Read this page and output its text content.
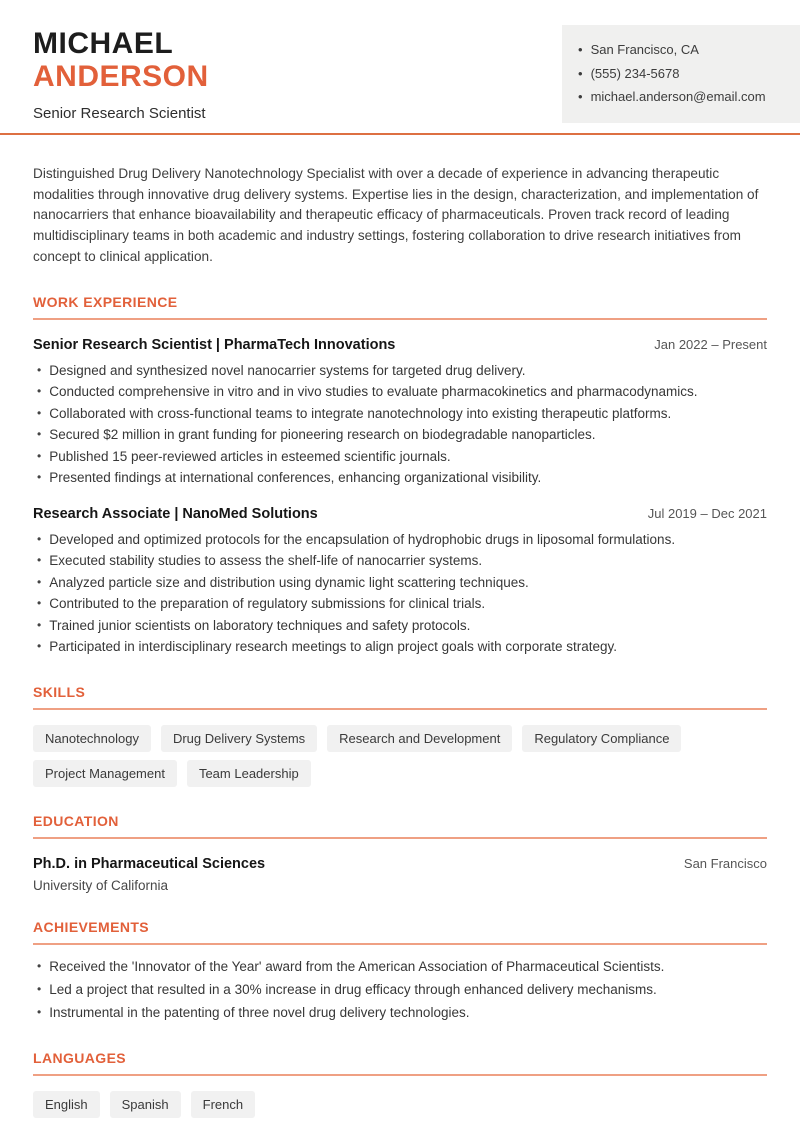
MICHAEL
ANDERSON
Senior Research Scientist
• San Francisco, CA
• (555) 234-5678
• michael.anderson@email.com

Distinguished Drug Delivery Nanotechnology Specialist with over a decade of experience in advancing therapeutic modalities through innovative drug delivery systems. Expertise lies in the design, characterization, and implementation of nanocarriers that enhance bioavailability and therapeutic efficacy of pharmaceuticals. Proven track record of leading multidisciplinary teams in both academic and industry settings, fostering collaboration to drive research initiatives from concept to clinical application.

WORK EXPERIENCE
Senior Research Scientist | PharmaTech Innovations	Jan 2022 – Present
• Designed and synthesized novel nanocarrier systems for targeted drug delivery.
• Conducted comprehensive in vitro and in vivo studies to evaluate pharmacokinetics and pharmacodynamics.
• Collaborated with cross-functional teams to integrate nanotechnology into existing therapeutic platforms.
• Secured $2 million in grant funding for pioneering research on biodegradable nanoparticles.
• Published 15 peer-reviewed articles in esteemed scientific journals.
• Presented findings at international conferences, enhancing organizational visibility.
Research Associate | NanoMed Solutions	Jul 2019 – Dec 2021
• Developed and optimized protocols for the encapsulation of hydrophobic drugs in liposomal formulations.
• Executed stability studies to assess the shelf-life of nanocarrier systems.
• Analyzed particle size and distribution using dynamic light scattering techniques.
• Contributed to the preparation of regulatory submissions for clinical trials.
• Trained junior scientists on laboratory techniques and safety protocols.
• Participated in interdisciplinary research meetings to align project goals with corporate strategy.
SKILLS
Nanotechnology	Drug Delivery Systems	Research and Development	Regulatory Compliance
Project Management	Team Leadership
EDUCATION
Ph.D. in Pharmaceutical Sciences	San Francisco
University of California
ACHIEVEMENTS
• Received the 'Innovator of the Year' award from the American Association of Pharmaceutical Scientists.
• Led a project that resulted in a 30% increase in drug efficacy through enhanced delivery mechanisms.
• Instrumental in the patenting of three novel drug delivery technologies.
LANGUAGES
English	Spanish	French
